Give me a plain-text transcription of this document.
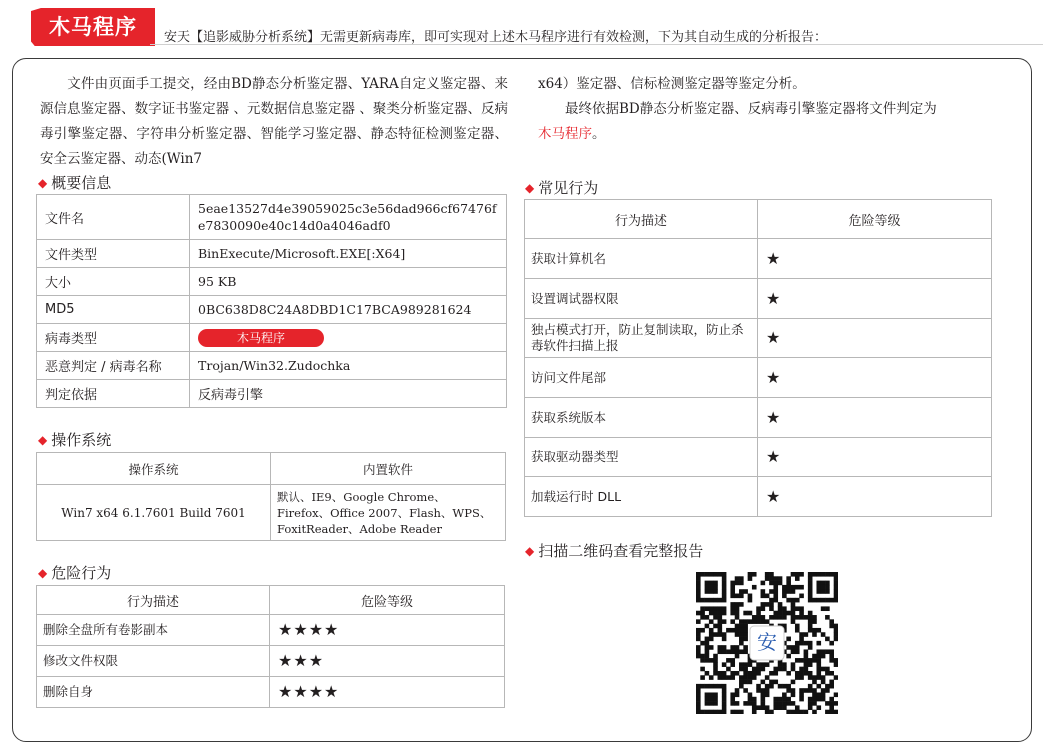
木马程序	安天【追影威胁分析系统】无需更新病毒库，即可实现对上述木马程序进行有效检测，下为其自动生成的分析报告：
　　文件由页面手工提交，经由BD静态分析鉴定器、YARA自定义鉴定器、来源信息鉴定器、数字证书鉴定器 、元数据信息鉴定器 、聚类分析鉴定器、反病毒引擎鉴定器、字符串分析鉴定器、智能学习鉴定器、静态特征检测鉴定器、安全云鉴定器、动态(Win7
x64）鉴定器、信标检测鉴定器等鉴定分析。
　　最终依据BD静态分析鉴定器、反病毒引擎鉴定器将文件判定为
木马程序。
◆ 概要信息
文件名	5eae13527d4e39059025c3e56dad966cf67476fe7830090e40c14d0a4046adf0
文件类型	BinExecute/Microsoft.EXE[:X64]
大小	95 KB
MD5	0BC638D8C24A8DBD1C17BCA989281624
病毒类型	木马程序
恶意判定 / 病毒名称	Trojan/Win32.Zudochka
判定依据	反病毒引擎
◆ 操作系统
操作系统	内置软件
Win7 x64 6.1.7601 Build 7601	默认、IE9、Google Chrome、
Firefox、Office 2007、Flash、WPS、
FoxitReader、Adobe Reader
◆ 危险行为
行为描述	危险等级
删除全盘所有卷影副本	★★★★
修改文件权限	★★★
删除自身	★★★★
◆ 常见行为
行为描述	危险等级
获取计算机名	★
设置调试器权限	★
独占模式打开，防止复制读取，防止杀毒软件扫描上报	★
访问文件尾部	★
获取系统版本	★
获取驱动器类型	★
加载运行时 DLL	★
◆ 扫描二维码查看完整报告
安
